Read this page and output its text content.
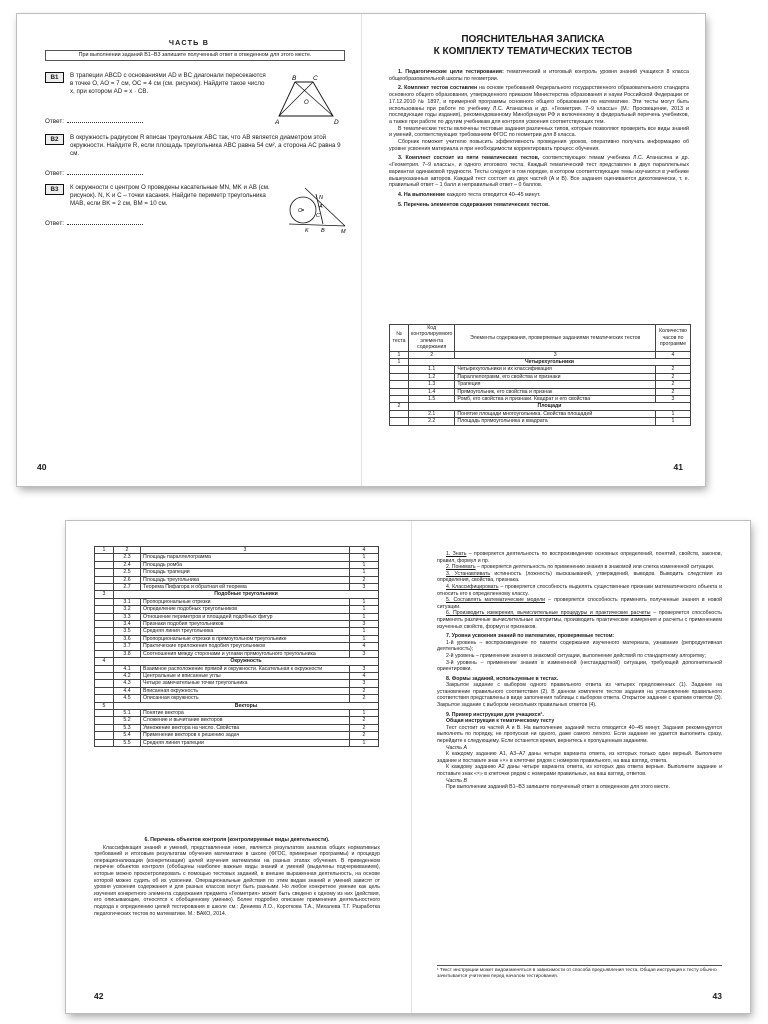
ЧАСТЬ B
При выполнении заданий B1–B3 запишите полученный ответ в отведенном для этого месте.
B1	В трапеции ABCD с основаниями AD и BC диагонали пересекаются в точке O, AO = 7 см, OC = 4 см (см. рисунок). Найдите такое число x, при котором AD = x · CB.
Ответ:	A
B	C
D
O
B2	В окружность радиусом R вписан треугольник ABC так, что AB является диаметром этой окружности. Найдите R, если площадь треугольника ABC равна 54 см², а сторона AC равна 9 см.
Ответ:
B3	К окружности с центром O проведены касательные MN, MK и AB (см. рисунок). N, K и C – точки касания. Найдите периметр треугольника MAB, если BK = 2 см, BM = 10 см.
Ответ:
O
N
A
C
K B	M
40
ПОЯСНИТЕЛЬНАЯ ЗАПИСКА
К КОМПЛЕКТУ ТЕМАТИЧЕСКИХ ТЕСТОВ

1. Педагогические цели тестирования: тематический и итоговый контроль уровня знаний учащихся 8 класса общеобразовательной школы по геометрии.

2. Комплект тестов составлен на основе требований Федерального государственного образовательного стандарта основного общего образования, утвержденного приказом Министерства образования и науки Российской Федерации от 17.12.2010 № 1897, и примерной программы основного общего образования по математике. Эти тесты могут быть использованы при работе по учебнику Л.С. Атанасяна и др. «Геометрия. 7–9 классы» (М.: Просвещение, 2013 и последующие годы издания), рекомендованному Минобрнауки РФ и включенному в федеральный перечень учебников, а также при работе по другим учебникам для контроля усвоения соответствующих тем.

В тематические тесты включены тестовые задания различных типов, которые позволяют проверить все виды знаний и умений, соответствующих требованиям ФГОС по геометрии для 8 класса.

Сборник поможет учителю повысить эффективность проведения уроков, оперативно получать информацию об уровне усвоения материала и при необходимости корректировать процесс обучения.

3. Комплект состоит из пяти тематических тестов, соответствующих темам учебника Л.С. Атанасяна и др. «Геометрия. 7–9 классы», и одного итогового теста. Каждый тематический тест представлен в двух параллельных вариантах одинаковой трудности. Тесты следуют в том порядке, в котором соответствующие темы изучаются в учебнике вышеуказанных авторов. Каждый тест состоит из двух частей (A и B). Все задания оцениваются дихотомически, т. е. правильный ответ – 1 балл и неправильный ответ – 0 баллов.

4. На выполнение каждого теста отводится 40–45 минут.

5. Перечень элементов содержания тематических тестов.

№ теста	Код контролируемого элемента содержания	Элементы содержания, проверяемые заданиями тематических тестов	Количество часов по программе
1	2	3	4
1	Четырехугольники		
	1.1	Четырехугольники и их классификация	2
	1.2	Параллелограмм, его свойства и признаки	2
	1.3	Трапеция	2
	1.4	Прямоугольник, его свойства и признак	2
	1.5	Ромб, его свойства и признаки. Квадрат и его свойства	3
2	Площади		
	2.1	Понятие площади многоугольника. Свойства площадей	1
	2.2	Площадь прямоугольника и квадрата	1
41
1	2	3	4
	2.3	Площадь параллелограмма	1
	2.4	Площадь ромба	1
	2.5	Площадь трапеции	1
	2.6	Площадь треугольника	2
	2.7	Теорема Пифагора и обратная ей теорема	3
3	Подобные треугольники		
	3.1	Пропорциональные отрезки	1
	3.2	Определение подобных треугольников	1
	3.3	Отношение периметров и площадей подобных фигур	1
	3.4	Признаки подобия треугольников	3
	3.5	Средняя линия треугольника	1
	3.6	Пропорциональные отрезки в прямоугольном треугольнике	1
	3.7	Практические приложения подобия треугольников	4
	3.8	Соотношения между сторонами и углами прямоугольного треугольника	3
4	Окружность		
	4.1	Взаимное расположение прямой и окружности. Касательная к окружности	3
	4.2	Центральные и вписанные углы	4
	4.3	Четыре замечательные точки треугольника	3
	4.4	Вписанная окружность	2
	4.5	Описанная окружность	2
5	Векторы		
	5.1	Понятие вектора	1
	5.2	Сложение и вычитание векторов	2
	5.3	Умножение вектора на число. Свойства	2
	5.4	Применение векторов к решению задач	2
	5.5	Средняя линия трапеции	1

6. Перечень объектов контроля (контролируемые виды деятельности).

Классификация знаний и умений, представленная ниже, является результатом анализа общих нормативных требований и итоговым результатам обучения математике в школе (ФГОС, примерные программы) и процедур операционализации (конкретизации) целей изучения математики на разных этапах обучения. В приведенном перечне объектов контроля (обобщены наиболее важные виды знаний и умений (выделены подчеркиванием), которые можно проконтролировать с помощью тестовых заданий, в внешне выраженная деятельность, на основе которой можно судить об их усвоении. Операциональные действия по этим видам знаний и умений зависят от уровня усвоения содержания и для разных классов могут быть разными. Но любое конкретное умение как цель изучения конкретного элемента содержания предмета «Геометрия» может быть сведено к одному из них (действия, его описывающие, относятся к обобщенному умению). Более подробно описание применения деятельностного подхода к определению целей тестирования в школе см.: Дениева Л.О., Короткова Т.А., Михалева Т.Г. Разработка педагогических тестов по математике. М.: ВАКО, 2014.

42

1. Знать – проверяется деятельность по воспроизведению основных определений, понятий, свойств, законов, правил, формул и пр.

2. Понимать – проверяется деятельность по применению знания в знакомой или слегка измененной ситуации.

3. Устанавливать истинность (ложность) высказываний, утверждений, выводов. Выводить следствия из определения, свойства, признака.

4. Классифицировать – проверяется способность выделять существенные признаки математического объекта и относить его к определенному классу.

5. Составлять математические модели – проверяется способность применять полученные знания в новой ситуации.

6. Производить измерения, вычислительные процедуры и практические расчеты – проверяется способность применять различные вычислительные алгоритмы, производить практические измерения и расчеты с применением изученных свойств, формул и признаков.

7. Уровни усвоения знаний по математике, проверяемые тестом:

1-й уровень – воспроизведение по памяти содержания изученного материала, узнавание (репродуктивная деятельность);

2-й уровень – применение знания в знакомой ситуации, выполнение действий по стандартному алгоритму;

3-й уровень – применение знания в измененной (нестандартной) ситуации, требующей дополнительной ориентировки.

8. Формы заданий, используемые в тестах.

Закрытое задание с выбором одного правильного ответа из четырех предложенных (1). Задание на установление правильного соответствия (2). В данном комплекте тестов задания на установление правильного соответствия представлены в виде заполнения таблицы с выбором ответа. Открытое задание с кратким ответом (3). Закрытое задание с выбором нескольких правильных ответов (4).

9. Пример инструкции для учащихся¹.

Общая инструкция к тематическому тесту

Тест состоит из частей A и B. На выполнение заданий теста отводится 40–45 минут. Задания рекомендуется выполнять по порядку, не пропуская ни одного, даже самого легкого. Если задание не удается выполнить сразу, перейдите к следующему. Если останется время, вернитесь к пропущенным заданиям.

Часть A

К каждому заданию A1, A3–A7 даны четыре варианта ответа, из которых только один верный. Выполните задание и поставьте знак «×» в клеточке рядом с номером правильного, на ваш взгляд, ответа.

К каждому заданию A2 даны четыре варианта ответа, из которых два ответа верные. Выполните задание и поставьте знак «×» в клеточке рядом с номерами правильных, на ваш взгляд, ответов.

Часть B

При выполнении заданий B1–B3 запишите полученный ответ в отведенном для этого месте.

¹ Текст инструкции может видоизменяться в зависимости от способа предъявления теста. Общая инструкция к тесту обычно зачитывается учителем перед началом тестирования.
43
